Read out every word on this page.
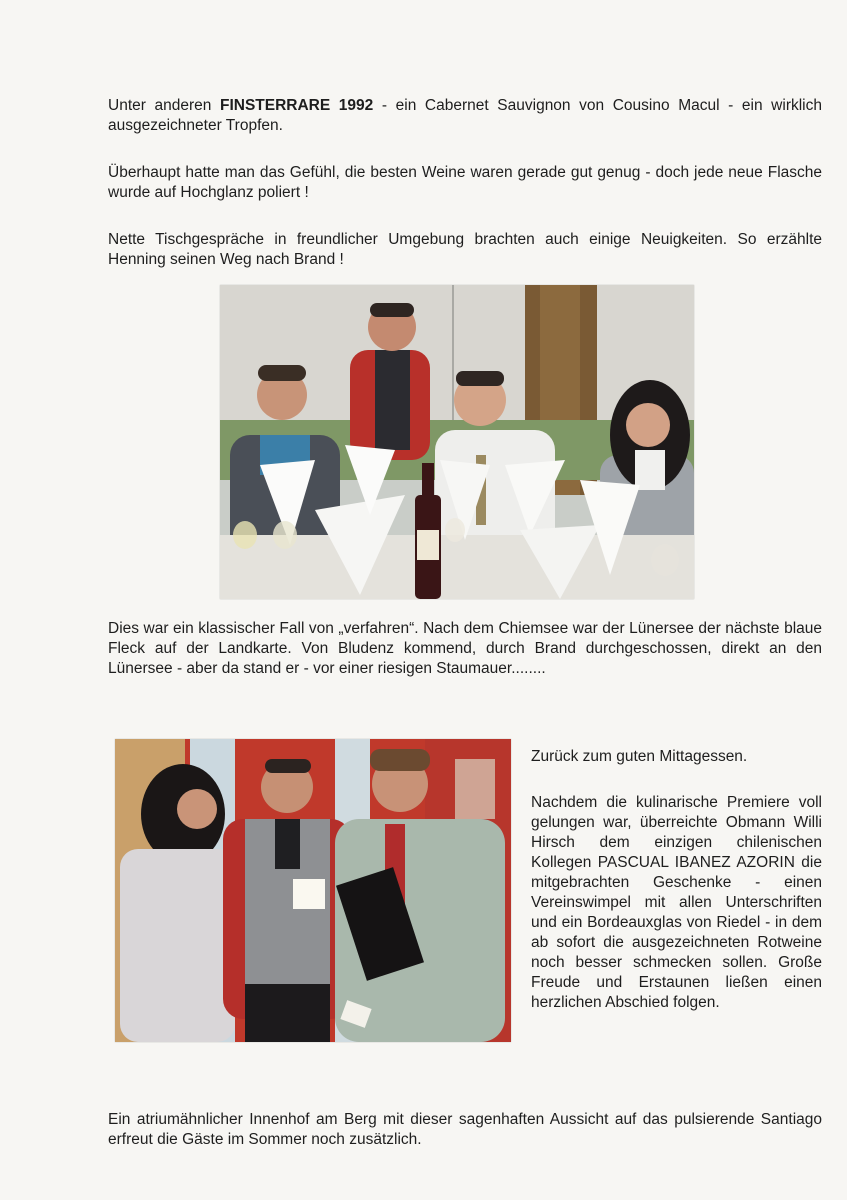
Unter anderen FINSTERRARE 1992 - ein Cabernet Sauvignon von Cousino Macul - ein wirklich ausgezeichneter Tropfen.

Überhaupt hatte man das Gefühl, die besten Weine waren gerade gut genug - doch jede neue Flasche wurde auf Hochglanz poliert !

Nette Tischgespräche in freundlicher Umgebung brachten auch einige Neuigkeiten. So erzählte Henning seinen Weg nach Brand !

Dies war ein klassischer Fall von „verfahren“. Nach dem Chiemsee war der Lünersee der nächste blaue Fleck auf der Landkarte. Von Bludenz kommend, durch Brand durchgeschossen, direkt an den Lünersee - aber da stand er - vor einer riesigen Staumauer........

Zurück zum guten Mittagessen.

Nachdem die kulinarische Premiere voll gelungen war, überreichte Obmann Willi Hirsch dem einzigen chilenischen Kollegen PASCUAL IBANEZ AZORIN die mitgebrachten Geschenke - einen Vereinswimpel mit allen Unterschriften und ein Bordeauxglas von Riedel - in dem ab sofort die ausgezeichneten Rotweine noch besser schmecken sollen. Große Freude und Erstaunen ließen einen herzlichen Abschied folgen.

Ein atriumähnlicher Innenhof am Berg mit dieser sagenhaften Aussicht auf das pulsierende Santiago erfreut die Gäste im Sommer noch zusätzlich.
